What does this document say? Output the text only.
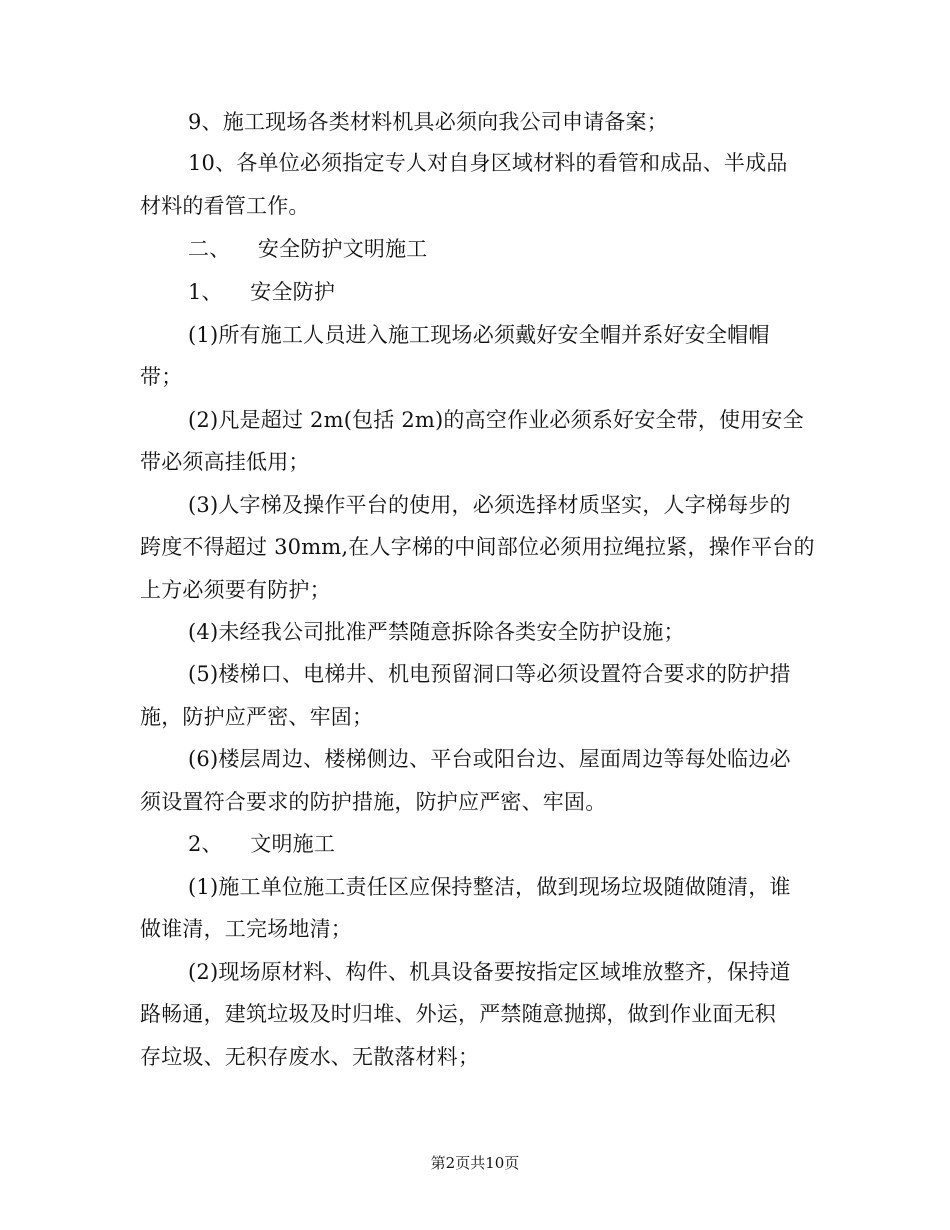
9、施工现场各类材料机具必须向我公司申请备案；
10、各单位必须指定专人对自身区域材料的看管和成品、半成品
材料的看管工作。
二、    安全防护文明施工
1、    安全防护
(1)所有施工人员进入施工现场必须戴好安全帽并系好安全帽帽
带；
(2)凡是超过 2m(包括 2m)的高空作业必须系好安全带，使用安全
带必须高挂低用；
(3)人字梯及操作平台的使用，必须选择材质坚实，人字梯每步的
跨度不得超过 30mm,在人字梯的中间部位必须用拉绳拉紧，操作平台的
上方必须要有防护；
(4)未经我公司批准严禁随意拆除各类安全防护设施；
(5)楼梯口、电梯井、机电预留洞口等必须设置符合要求的防护措
施，防护应严密、牢固；
(6)楼层周边、楼梯侧边、平台或阳台边、屋面周边等每处临边必
须设置符合要求的防护措施，防护应严密、牢固。
2、    文明施工
(1)施工单位施工责任区应保持整洁，做到现场垃圾随做随清，谁
做谁清，工完场地清；
(2)现场原材料、构件、机具设备要按指定区域堆放整齐，保持道
路畅通，建筑垃圾及时归堆、外运，严禁随意抛掷，做到作业面无积
存垃圾、无积存废水、无散落材料；
第2页共10页
